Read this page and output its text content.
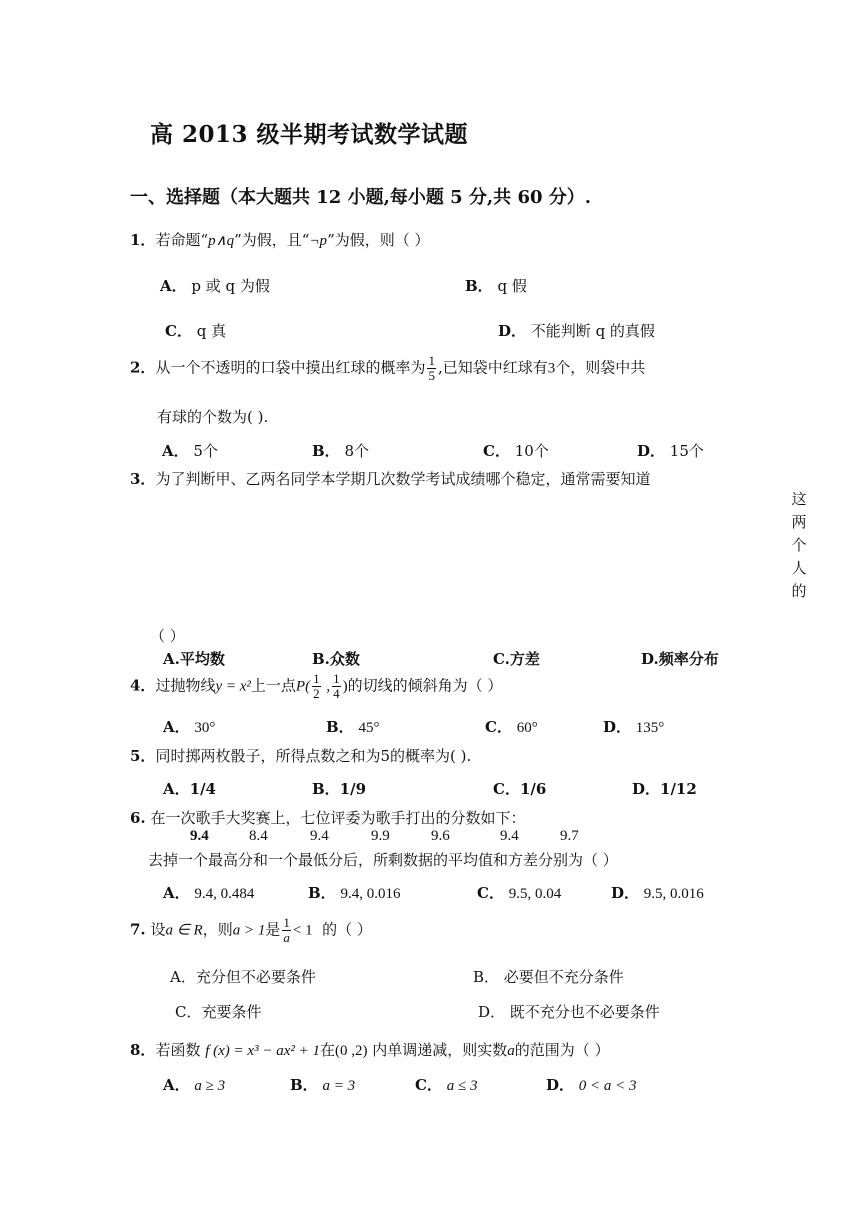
高 2013 级半期考试数学试题
一、选择题（本大题共 12 小题,每小题 5 分,共 60 分）.
1．若命题“p∧q”为假，且“¬p”为假，则（ ）
A． p 或 q 为假	B． q 假
C． q 真	D． 不能判断 q 的真假
2．从一个不透明的口袋中摸出红球的概率为 $\frac{1}{5}$ ,已知袋中红球有3个，则袋中共
有球的个数为( ).
A． 5个	B． 8个	C． 10个	D． 15个
3．为了判断甲、乙两名同学本学期几次数学考试成绩哪个稳定，通常需要知道
这
两
个
人
的
（ ）
A.平均数	B.众数	C.方差	D.频率分布
4．过抛物线y = x²上一点$P( \frac{1}{2}$ , $\frac{1}{4}$ )的切线的倾斜角为（ ）
A． 30°	B． 45°	C． 60°	D． 135°
5．同时掷两枚骰子，所得点数之和为5的概率为( ).
A．1/4	B．1/9	C．1/6	D．1/12
6. 在一次歌手大奖赛上，七位评委为歌手打出的分数如下：
9.4	8.4	9.4	9.9	9.6	9.4	9.7
去掉一个最高分和一个最低分后，所剩数据的平均值和方差分别为（ ）
A． 9.4, 0.484	B． 9.4, 0.016	C． 9.5, 0.04	D． 9.5, 0.016
7. 设a ∈ R，则a > 1是 $\frac{1}{a} < 1$ 的（ ）
A．充分但不必要条件	B． 必要但不充分条件
C．充要条件	D． 既不充分也不必要条件
8．若函数 f (x) = x³ − ax² + 1在(0 ,2) 内单调递减，则实数a的范围为（ ）
A． a ≥ 3	B． a = 3	C． a ≤ 3	D． 0 < a < 3
